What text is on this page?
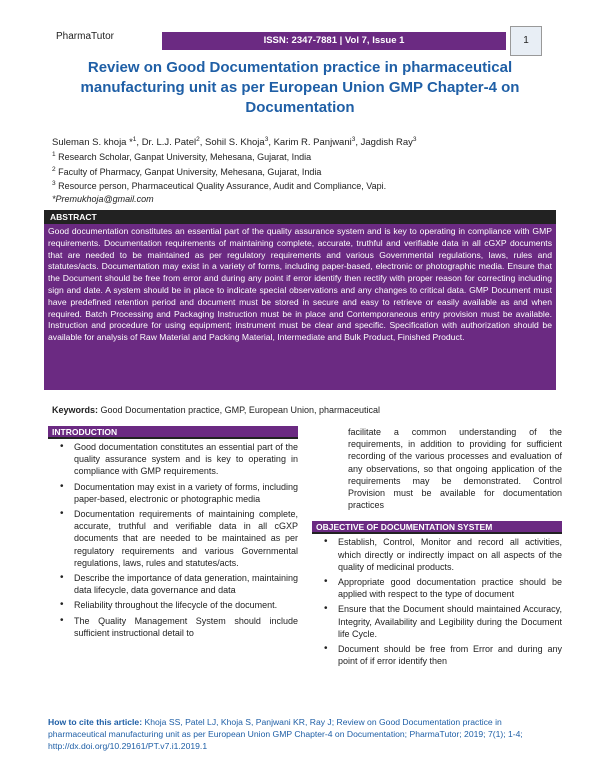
PharmaTutor	ISSN: 2347-7881 | Vol 7, Issue 1	1
Review on Good Documentation practice in pharmaceutical manufacturing unit as per European Union GMP Chapter-4 on Documentation
Suleman S. khoja *$^1$, Dr. L.J. Patel$^2$, Sohil S. Khoja$^3$, Karim R. Panjwani$^3$, Jagdish Ray$^3$
$^1$ Research Scholar, Ganpat University, Mehesana, Gujarat, India
$^2$ Faculty of Pharmacy, Ganpat University, Mehesana, Gujarat, India
$^3$ Resource person, Pharmaceutical Quality Assurance, Audit and Compliance, Vapi.
*Premukhoja@gmail.com
ABSTRACT
Good documentation constitutes an essential part of the quality assurance system and is key to operating in compliance with GMP requirements. Documentation requirements of maintaining complete, accurate, truthful and verifiable data in all cGXP documents that are needed to be maintained as per regulatory requirements and various Governmental regulations, laws, rules and statutes/acts. Documentation may exist in a variety of forms, including paper-based, electronic or photographic media. Ensure that the Document should be free from error and during any point if error identify then rectify with proper reason for correcting including sign and date. A system should be in place to indicate special observations and any changes to critical data. GMP Document must have predefined retention period and document must be stored in secure and easy to retrieve or easily available as and when required. Batch Processing and Packaging Instruction must be in place and Contemporaneous entry provision must be available. Instruction and procedure for using equipment; instrument must be clear and specific. Specification with authorization should be available for analysis of Raw Material and Packing Material, Intermediate and Bulk Product, Finished Product.
Keywords: Good Documentation practice, GMP, European Union, pharmaceutical
INTRODUCTION
• Good documentation constitutes an essential part of the quality assurance system and is key to operating in compliance with GMP requirements.
• Documentation may exist in a variety of forms, including paper-based, electronic or photographic media
• Documentation requirements of maintaining complete, accurate, truthful and verifiable data in all cGXP documents that are needed to be maintained as per regulatory requirements and various Governmental regulations, laws, rules and statutes/acts.
• Describe the importance of data generation, maintaining data lifecycle, data governance and data
• Reliability throughout the lifecycle of the document.
• The Quality Management System should include sufficient instructional detail to
facilitate a common understanding of the requirements, in addition to providing for sufficient recording of the various processes and evaluation of any observations, so that ongoing application of the requirements may be demonstrated. Control Provision must be available for documentation practices
OBJECTIVE OF DOCUMENTATION SYSTEM
• Establish, Control, Monitor and record all activities, which directly or indirectly impact on all aspects of the quality of medicinal products.
• Appropriate good documentation practice should be applied with respect to the type of document
• Ensure that the Document should maintained Accuracy, Integrity, Availability and Legibility during the Document life Cycle.
• Document should be free from Error and during any point of if error identify then
How to cite this article: Khoja SS, Patel LJ, Khoja S, Panjwani KR, Ray J; Review on Good Documentation practice in pharmaceutical manufacturing unit as per European Union GMP Chapter-4 on Documentation; PharmaTutor; 2019; 7(1); 1-4; http://dx.doi.org/10.29161/PT.v7.i1.2019.1
